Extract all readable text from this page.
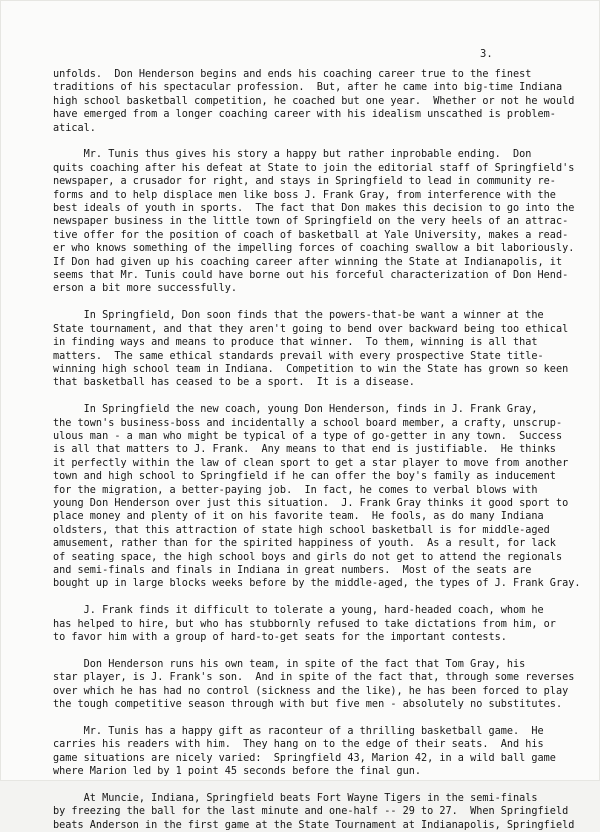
3.
unfolds.  Don Henderson begins and ends his coaching career true to the finest
traditions of his spectacular profession.  But, after he came into big-time Indiana
high school basketball competition, he coached but one year.  Whether or not he would
have emerged from a longer coaching career with his idealism unscathed is problem-
atical.
Mr. Tunis thus gives his story a happy but rather inprobable ending.  Don
quits coaching after his defeat at State to join the editorial staff of Springfield's
newspaper, a crusador for right, and stays in Springfield to lead in community re-
forms and to help displace men like boss J. Frank Gray, from interference with the
best ideals of youth in sports.  The fact that Don makes this decision to go into the
newspaper business in the little town of Springfield on the very heels of an attrac-
tive offer for the position of coach of basketball at Yale University, makes a read-
er who knows something of the impelling forces of coaching swallow a bit laboriously.
If Don had given up his coaching career after winning the State at Indianapolis, it
seems that Mr. Tunis could have borne out his forceful characterization of Don Hend-
erson a bit more successfully.
In Springfield, Don soon finds that the powers-that-be want a winner at the
State tournament, and that they aren't going to bend over backward being too ethical
in finding ways and means to produce that winner.  To them, winning is all that
matters.  The same ethical standards prevail with every prospective State title-
winning high school team in Indiana.  Competition to win the State has grown so keen
that basketball has ceased to be a sport.  It is a disease.
In Springfield the new coach, young Don Henderson, finds in J. Frank Gray,
the town's business-boss and incidentally a school board member, a crafty, unscrup-
ulous man - a man who might be typical of a type of go-getter in any town.  Success
is all that matters to J. Frank.  Any means to that end is justifiable.  He thinks
it perfectly within the law of clean sport to get a star player to move from another
town and high school to Springfield if he can offer the boy's family as inducement
for the migration, a better-paying job.  In fact, he comes to verbal blows with
young Don Henderson over just this situation.  J. Frank Gray thinks it good sport to
place money and plenty of it on his favorite team.  He fools, as do many Indiana
oldsters, that this attraction of state high school basketball is for middle-aged
amusement, rather than for the spirited happiness of youth.  As a result, for lack
of seating space, the high school boys and girls do not get to attend the regionals
and semi-finals and finals in Indiana in great numbers.  Most of the seats are
bought up in large blocks weeks before by the middle-aged, the types of J. Frank Gray.
J. Frank finds it difficult to tolerate a young, hard-headed coach, whom he
has helped to hire, but who has stubbornly refused to take dictations from him, or
to favor him with a group of hard-to-get seats for the important contests.
Don Henderson runs his own team, in spite of the fact that Tom Gray, his
star player, is J. Frank's son.  And in spite of the fact that, through some reverses
over which he has had no control (sickness and the like), he has been forced to play
the tough competitive season through with but five men - absolutely no substitutes.
Mr. Tunis has a happy gift as raconteur of a thrilling basketball game.  He
carries his readers with him.  They hang on to the edge of their seats.  And his
game situations are nicely varied:  Springfield 43, Marion 42, in a wild ball game
where Marion led by 1 point 45 seconds before the final gun.
At Muncie, Indiana, Springfield beats Fort Wayne Tigers in the semi-finals
by freezing the ball for the last minute and one-half -- 29 to 27.  When Springfield
beats Anderson in the first game at the State Tournament at Indianapolis, Springfield
